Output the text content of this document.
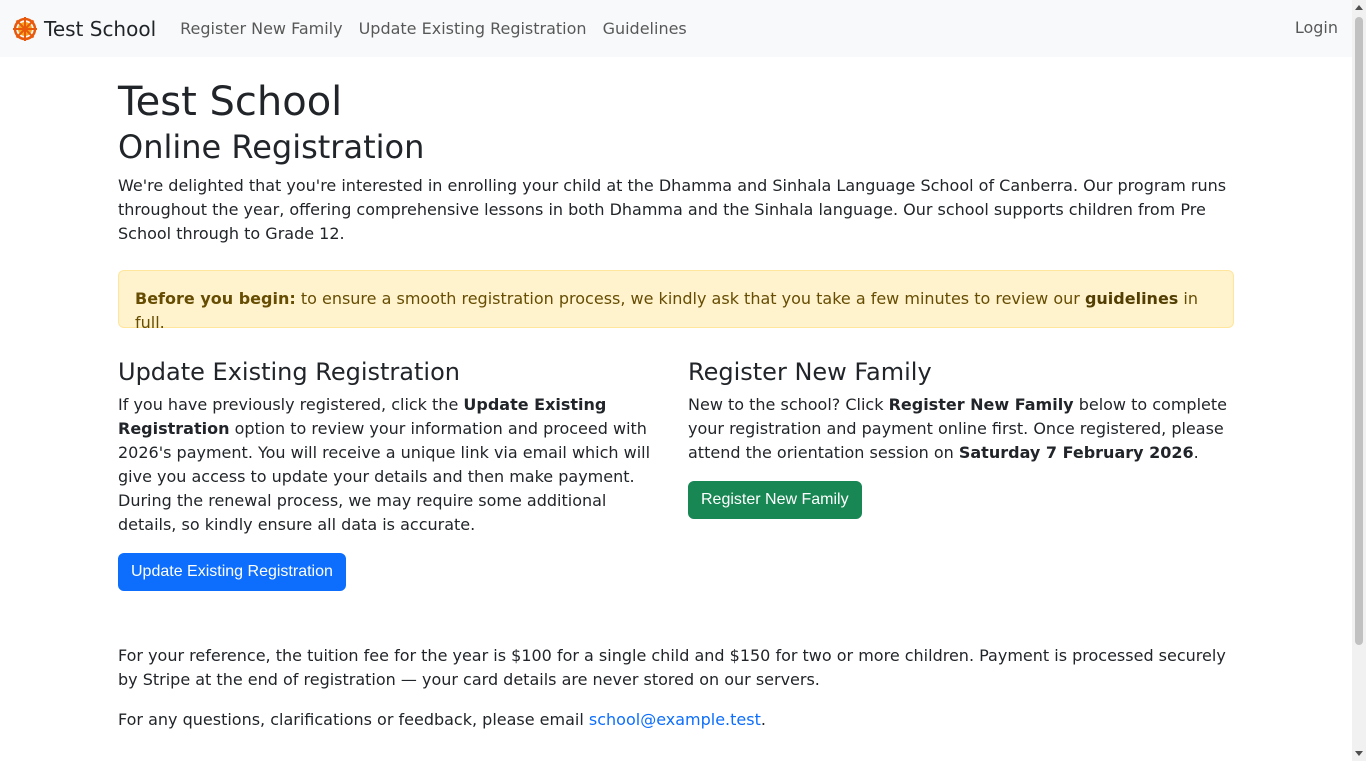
Test School	Register New Family	Update Existing Registration	Guidelines	Login
Test School
Online Registration

We're delighted that you're interested in enrolling your child at the Dhamma and Sinhala Language School of Canberra. Our program runs throughout the year, offering comprehensive lessons in both Dhamma and the Sinhala language. Our school supports children from Pre School through to Grade 12.

Before you begin: to ensure a smooth registration process, we kindly ask that you take a few minutes to review our guidelines in full.
Update Existing Registration

If you have previously registered, click the Update Existing Registration option to review your information and proceed with 2026's payment. You will receive a unique link via email which will give you access to update your details and then make payment. During the renewal process, we may require some additional details, so kindly ensure all data is accurate.

Update Existing Registration
Register New Family

New to the school? Click Register New Family below to complete your registration and payment online first. Once registered, please attend the orientation session on Saturday 7 February 2026.

Register New Family

For your reference, the tuition fee for the year is $100 for a single child and $150 for two or more children. Payment is processed securely by Stripe at the end of registration — your card details are never stored on our servers.

For any questions, clarifications or feedback, please email school@example.test.
